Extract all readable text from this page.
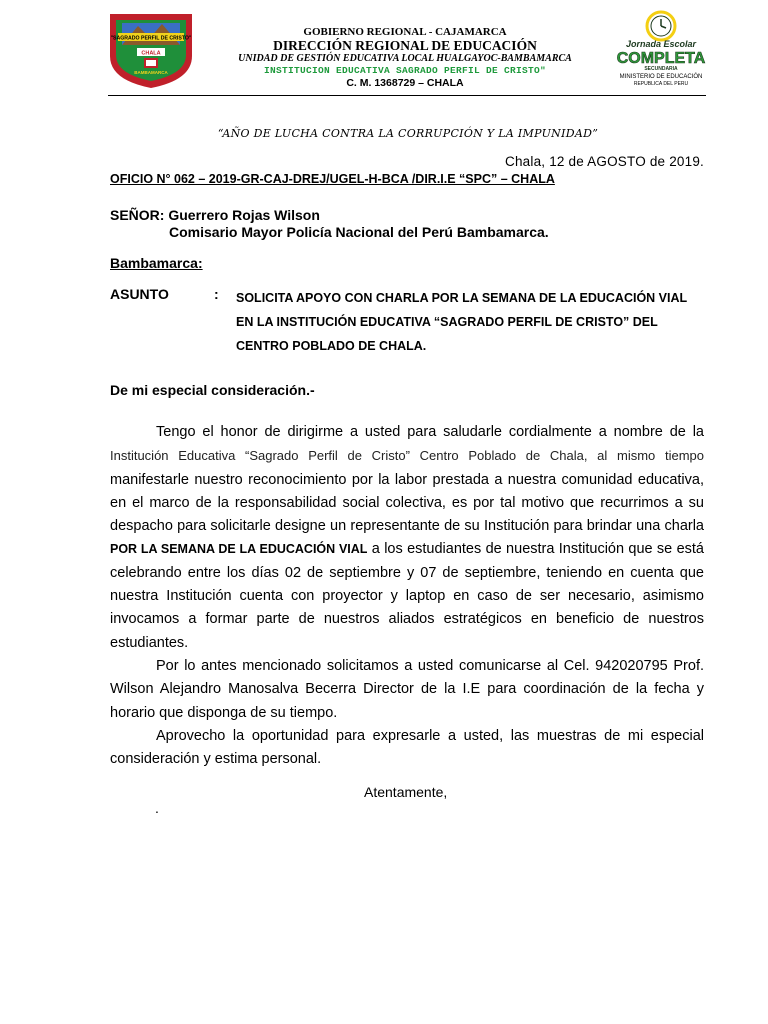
"SAGRADO PERFIL DE CRISTO"
CHALA
BAMBAMARCA
GOBIERNO REGIONAL - CAJAMARCA
DIRECCIÓN REGIONAL DE EDUCACIÓN
UNIDAD DE GESTIÓN EDUCATIVA LOCAL HUALGAYOC-BAMBAMARCA
INSTITUCION EDUCATIVA SAGRADO PERFIL DE CRISTO"
C. M. 1368729 – CHALA
Jornada Escolar
COMPLETA
SECUNDARIA
MINISTERIO DE EDUCACIÓN
REPUBLICA DEL PERU
“AÑO DE LUCHA CONTRA LA CORRUPCIÓN Y LA IMPUNIDAD”
Chala, 12 de AGOSTO de 2019.
OFICIO N° 062 – 2019-GR-CAJ-DREJ/UGEL-H-BCA /DIR.I.E “SPC” – CHALA
SEÑOR: Guerrero Rojas Wilson
Comisario Mayor Policía Nacional del Perú Bambamarca.
Bambamarca:
ASUNTO	: SOLICITA APOYO CON CHARLA POR LA SEMANA DE LA EDUCACIÓN VIAL EN LA INSTITUCIÓN EDUCATIVA “SAGRADO PERFIL DE CRISTO” DEL CENTRO POBLADO DE CHALA.
De mi especial consideración.-

Tengo el honor de dirigirme a usted para saludarle cordialmente a nombre de la Institución Educativa “Sagrado Perfil de Cristo” Centro Poblado de Chala, al mismo tiempo manifestarle nuestro reconocimiento por la labor prestada a nuestra comunidad educativa, en el marco de la responsabilidad social colectiva, es por tal motivo que recurrimos a su despacho para solicitarle designe un representante de su Institución para brindar una charla POR LA SEMANA DE LA EDUCACIÓN VIAL a los estudiantes de nuestra Institución que se está celebrando entre los días 02 de septiembre y 07 de septiembre, teniendo en cuenta que nuestra Institución cuenta con proyector y laptop en caso de ser necesario, asimismo invocamos a formar parte de nuestros aliados estratégicos en beneficio de nuestros estudiantes.

Por lo antes mencionado solicitamos a usted comunicarse al Cel. 942020795 Prof. Wilson Alejandro Manosalva Becerra Director de la I.E para coordinación de la fecha y horario que disponga de su tiempo.

Aprovecho la oportunidad para expresarle a usted, las muestras de mi especial consideración y estima personal.

Atentamente,
.
